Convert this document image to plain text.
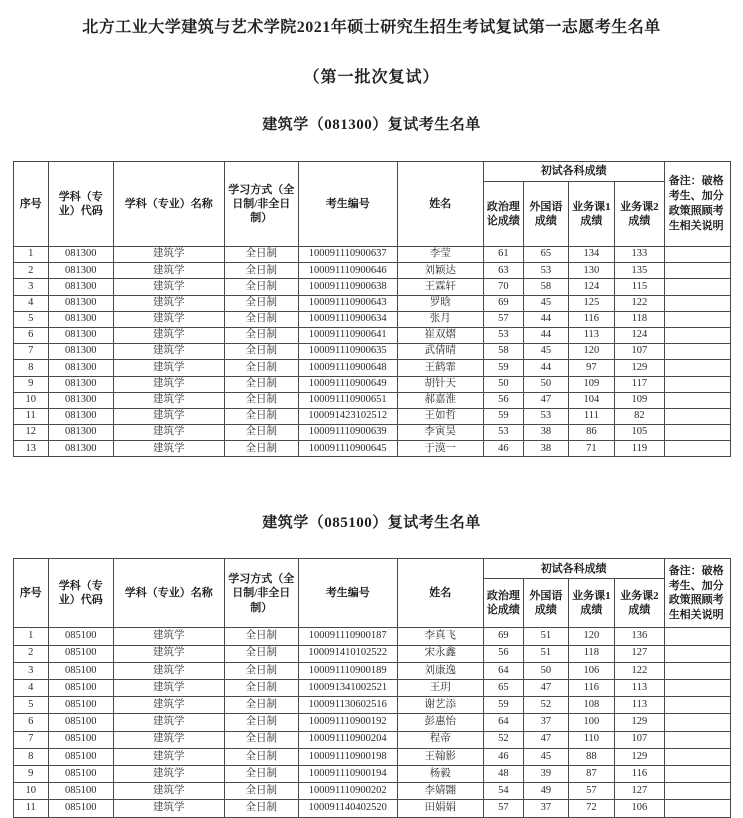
北方工业大学建筑与艺术学院2021年硕士研究生招生考试复试第一志愿考生名单

（第一批次复试）

建筑学（081300）复试考生名单

序号	学科（专业）代码	学科（专业）名称	学习方式（全日制/非全日制）	考生编号	姓名	初试各科成绩				备注：破格考生、加分政策照顾考生相关说明
						政治理论成绩	外国语成绩	业务课1成绩	业务课2成绩	
1	081300	建筑学	全日制	100091110900637	李莹	61	65	134	133	
2	081300	建筑学	全日制	100091110900646	刘颖达	63	53	130	135	
3	081300	建筑学	全日制	100091110900638	王霖轩	70	58	124	115	
4	081300	建筑学	全日制	100091110900643	罗晗	69	45	125	122	
5	081300	建筑学	全日制	100091110900634	张月	57	44	116	118	
6	081300	建筑学	全日制	100091110900641	崔双熠	53	44	113	124	
7	081300	建筑学	全日制	100091110900635	武倩晴	58	45	120	107	
8	081300	建筑学	全日制	100091110900648	王鹤霏	59	44	97	129	
9	081300	建筑学	全日制	100091110900649	胡针天	50	50	109	117	
10	081300	建筑学	全日制	100091110900651	郝嘉淮	56	47	104	109	
11	081300	建筑学	全日制	100091423102512	王如哲	59	53	111	82	
12	081300	建筑学	全日制	100091110900639	李寅昊	53	38	86	105	
13	081300	建筑学	全日制	100091110900645	于漠一	46	38	71	119	

建筑学（085100）复试考生名单

序号	学科（专业）代码	学科（专业）名称	学习方式（全日制/非全日制）	考生编号	姓名	初试各科成绩				备注：破格考生、加分政策照顾考生相关说明
						政治理论成绩	外国语成绩	业务课1成绩	业务课2成绩	
1	085100	建筑学	全日制	100091110900187	李真飞	69	51	120	136	
2	085100	建筑学	全日制	100091410102522	宋永鑫	56	51	118	127	
3	085100	建筑学	全日制	100091110900189	刘康逸	64	50	106	122	
4	085100	建筑学	全日制	100091341002521	王玥	65	47	116	113	
5	085100	建筑学	全日制	100091130602516	谢艺添	59	52	108	113	
6	085100	建筑学	全日制	100091110900192	彭惠怡	64	37	100	129	
7	085100	建筑学	全日制	100091110900204	程帝	52	47	110	107	
8	085100	建筑学	全日制	100091110900198	王翰影	46	45	88	129	
9	085100	建筑学	全日制	100091110900194	杨毅	48	39	87	116	
10	085100	建筑学	全日制	100091110900202	李婧翾	54	49	57	127	
11	085100	建筑学	全日制	100091140402520	田娟娟	57	37	72	106	
